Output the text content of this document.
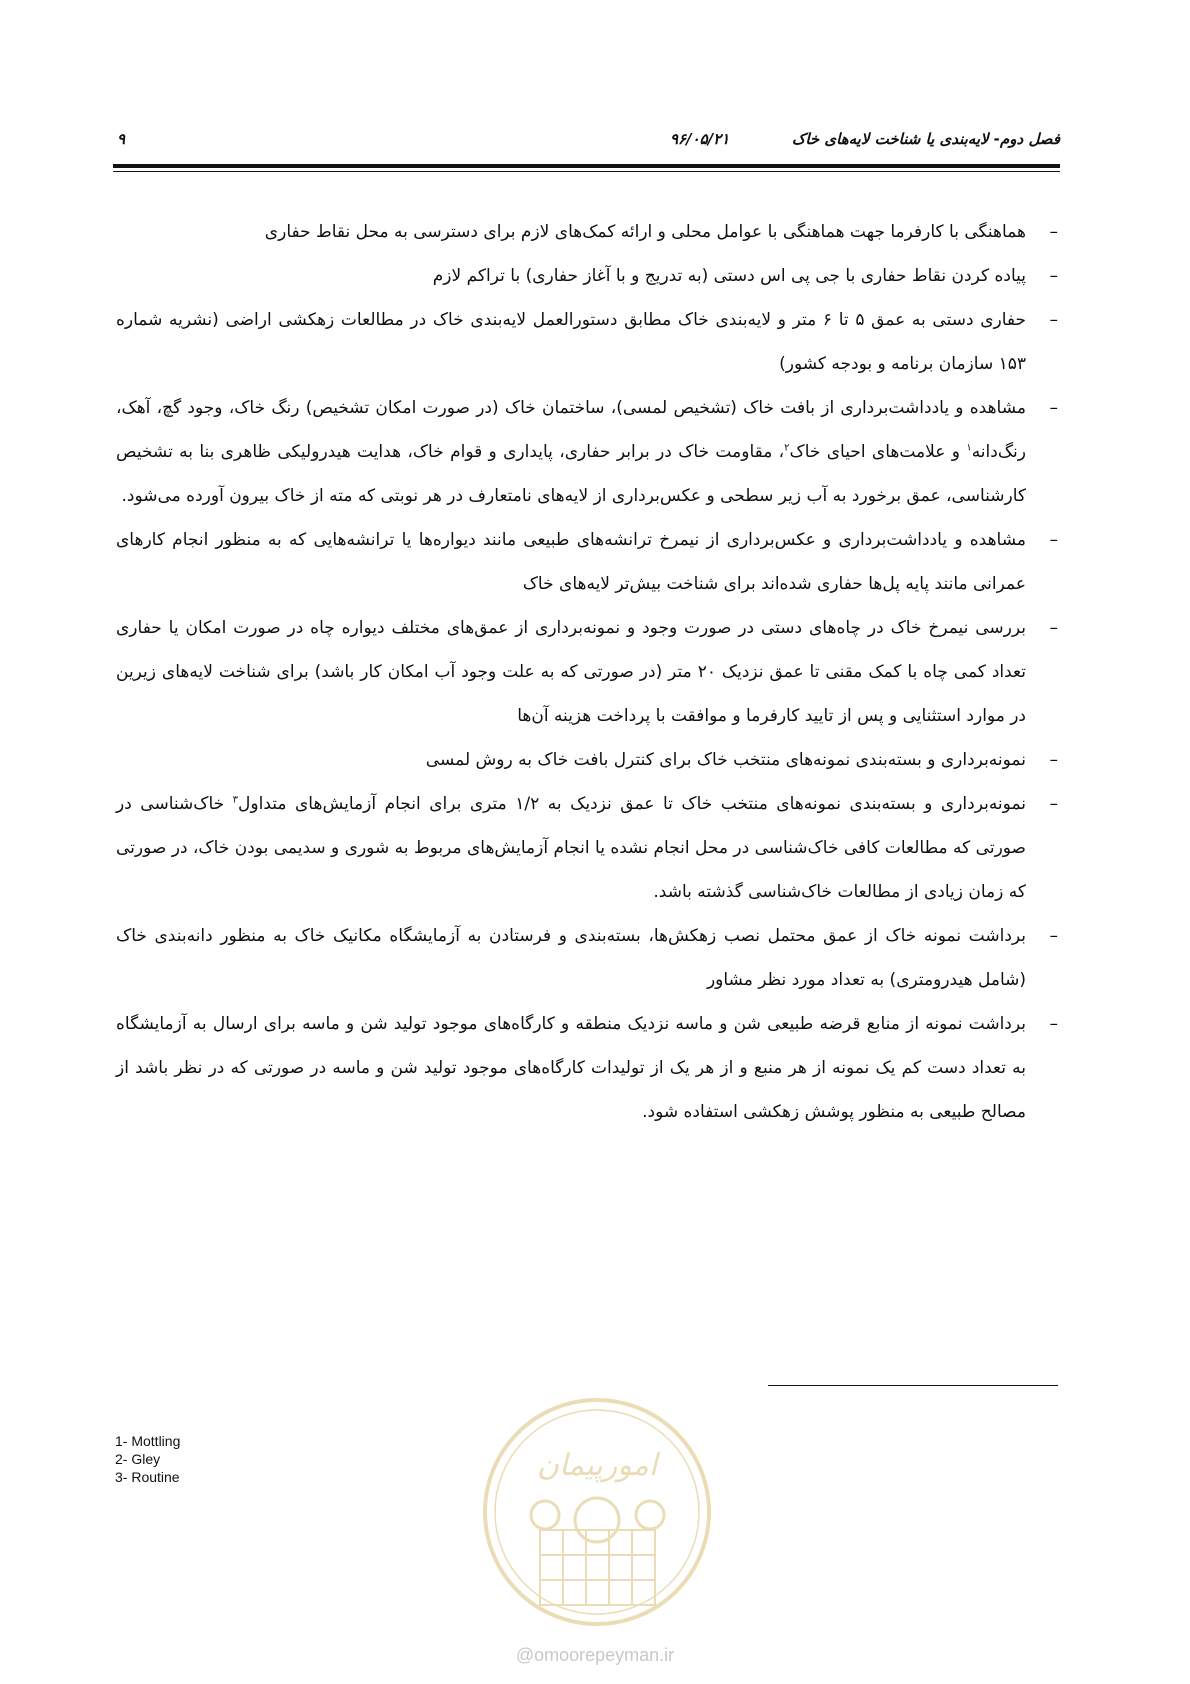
فصل دوم- لایه‌بندی یا شناخت لایه‌های خاک
۹۶/۰۵/۲۱
۹
–
هماهنگی با کارفرما جهت هماهنگی با عوامل محلی و ارائه کمک‌های لازم برای دسترسی به محل نقاط حفاری
–
پیاده کردن نقاط حفاری با جی پی اس دستی (به تدریج و با آغاز حفاری) با تراکم لازم
–
حفاری دستی به عمق ۵ تا ۶ متر و لایه‌بندی خاک مطابق دستورالعمل لایه‌بندی خاک در مطالعات زهکشی اراضی (نشریه شماره ۱۵۳ سازمان برنامه و بودجه کشور)
–
مشاهده و یادداشت‌برداری از بافت خاک (تشخیص لمسی)، ساختمان خاک (در صورت امکان تشخیص) رنگ خاک، وجود گچ، آهک، رنگ‌دانه$^۱$ و علامت‌های احیای خاک$^۲$، مقاومت خاک در برابر حفاری، پایداری و قوام خاک، هدایت هیدرولیکی ظاهری بنا به تشخیص کارشناسی، عمق برخورد به آب زیر سطحی و عکس‌برداری از لایه‌های نامتعارف در هر نوبتی که مته از خاک بیرون آورده می‌شود.
–
مشاهده و یادداشت‌برداری و عکس‌برداری از نیمرخ ترانشه‌های طبیعی مانند دیواره‌ها یا ترانشه‌هایی که به منظور انجام کارهای عمرانی مانند پایه پل‌ها حفاری شده‌اند برای شناخت بیش‌تر لایه‌های خاک
–
بررسی نیمرخ خاک در چاه‌های دستی در صورت وجود و نمونه‌برداری از عمق‌های مختلف دیواره چاه در صورت امکان یا حفاری تعداد کمی چاه با کمک مقنی تا عمق نزدیک ۲۰ متر (در صورتی که به علت وجود آب امکان کار باشد) برای شناخت لایه‌های زیرین در موارد استثنایی و پس از تایید کارفرما و موافقت با پرداخت هزینه آن‌ها
–
نمونه‌برداری و بسته‌بندی نمونه‌های منتخب خاک برای کنترل بافت خاک به روش لمسی
–
نمونه‌برداری و بسته‌بندی نمونه‌های منتخب خاک تا عمق نزدیک به ۱/۲ متری برای انجام آزمایش‌های متداول$^۳$ خاک‌شناسی در صورتی که مطالعات کافی خاک‌شناسی در محل انجام نشده یا انجام آزمایش‌های مربوط به شوری و سدیمی بودن خاک، در صورتی که زمان زیادی از مطالعات خاک‌شناسی گذشته باشد.
–
برداشت نمونه خاک از عمق محتمل نصب زهکش‌ها، بسته‌بندی و فرستادن به آزمایشگاه مکانیک خاک به منظور دانه‌بندی خاک (شامل هیدرومتری) به تعداد مورد نظر مشاور
–
برداشت نمونه از منابع قرضه طبیعی شن و ماسه نزدیک منطقه و کارگاه‌های موجود تولید شن و ماسه برای ارسال به آزمایشگاه به تعداد دست کم یک نمونه از هر منبع و از هر یک از تولیدات کارگاه‌های موجود تولید شن و ماسه در صورتی که در نظر باشد از مصالح طبیعی به منظور پوشش زهکشی استفاده شود.
1- Mottling
2- Gley
3- Routine	امورپیمان
@omoorepeyman.ir
